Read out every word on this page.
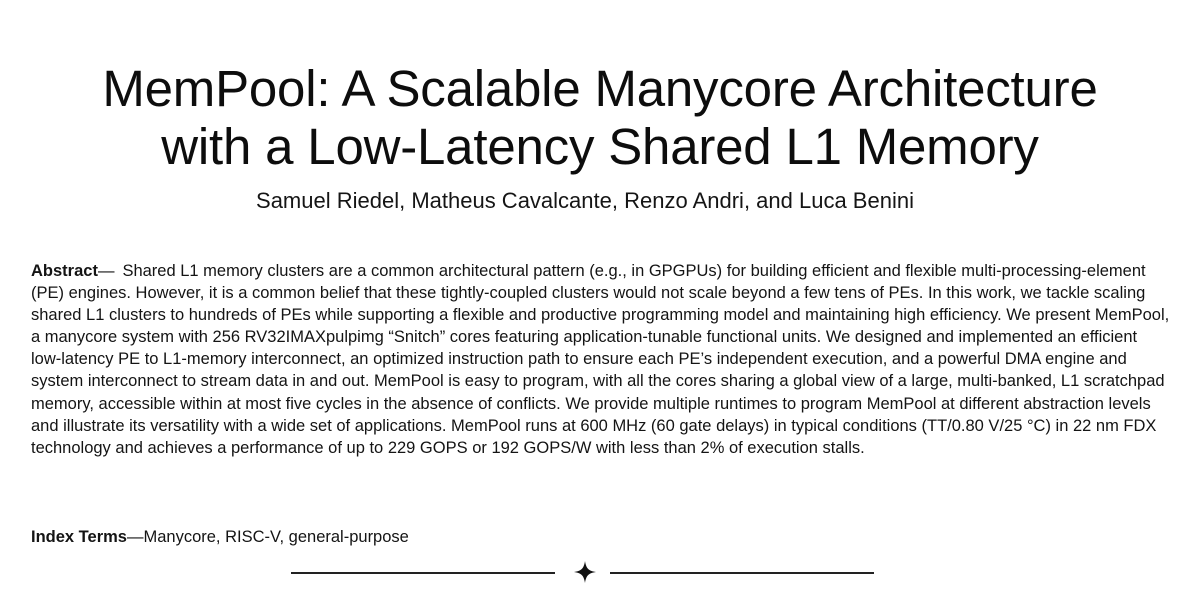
MemPool: A Scalable Manycore Architecture
with a Low-Latency Shared L1 Memory
Samuel Riedel, Matheus Cavalcante, Renzo Andri, and Luca Benini

Abstract— Shared L1 memory clusters are a common architectural pattern (e.g., in GPGPUs) for building efficient and flexible multi-processing-element (PE) engines. However, it is a common belief that these tightly-coupled clusters would not scale beyond a few tens of PEs. In this work, we tackle scaling shared L1 clusters to hundreds of PEs while supporting a flexible and productive programming model and maintaining high efficiency. We present MemPool, a manycore system with 256 RV32IMAXpulpimg “Snitch” cores featuring application-tunable functional units. We designed and implemented an efficient low-latency PE to L1-memory interconnect, an optimized instruction path to ensure each PE’s independent execution, and a powerful DMA engine and system interconnect to stream data in and out. MemPool is easy to program, with all the cores sharing a global view of a large, multi-banked, L1 scratchpad memory, accessible within at most five cycles in the absence of conflicts. We provide multiple runtimes to program MemPool at different abstraction levels and illustrate its versatility with a wide set of applications. MemPool runs at 600 MHz (60 gate delays) in typical conditions (TT/0.80 V/25 °C) in 22 nm FDX technology and achieves a performance of up to 229 GOPS or 192 GOPS/W with less than 2% of execution stalls.

Index Terms—Manycore, RISC-V, general-purpose
